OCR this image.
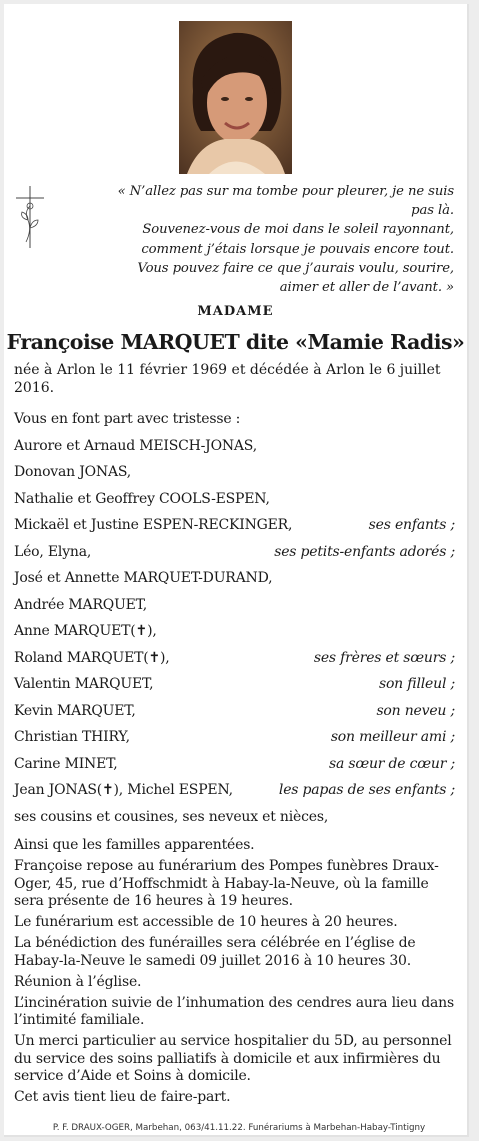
« N’allez pas sur ma tombe pour pleurer, je ne suis
pas là.
Souvenez-vous de moi dans le soleil rayonnant,
comment j’étais lorsque je pouvais encore tout.
Vous pouvez faire ce que j’aurais voulu, sourire,
aimer et aller de l’avant. »
MADAME
Françoise MARQUET dite «Mamie Radis»
née à Arlon le 11 février 1969 et décédée à Arlon le 6 juillet 2016.
Vous en font part avec tristesse :
Aurore et Arnaud MEISCH-JONAS,
Donovan JONAS,
Nathalie et Geoffrey COOLS-ESPEN,
Mickaël et Justine ESPEN-RECKINGER,	ses enfants ;
Léo, Elyna,	ses petits-enfants adorés ;
José et Annette MARQUET-DURAND,
Andrée MARQUET,
Anne MARQUET(✝),
Roland MARQUET(✝),	ses frères et sœurs ;
Valentin MARQUET,	son filleul ;
Kevin MARQUET,	son neveu ;
Christian THIRY,	son meilleur ami ;
Carine MINET,	sa sœur de cœur ;
Jean JONAS(✝), Michel ESPEN,	les papas de ses enfants ;
ses cousins et cousines, ses neveux et nièces,
Ainsi que les familles apparentées.
Françoise repose au funérarium des Pompes funèbres Draux-Oger, 45, rue d’Hoffschmidt à Habay-la-Neuve, où la famille sera présente de 16 heures à 19 heures.
Le funérarium est accessible de 10 heures à 20 heures.
La bénédiction des funérailles sera célébrée en l’église de Habay-la-Neuve le samedi 09 juillet 2016 à 10 heures 30.
Réunion à l’église.
L’incinération suivie de l’inhumation des cendres aura lieu dans l’intimité familiale.
Un merci particulier au service hospitalier du 5D, au personnel du service des soins palliatifs à domicile et aux infirmières du service d’Aide et Soins à domicile.
Cet avis tient lieu de faire-part.
P. F. DRAUX-OGER, Marbehan, 063/41.11.22. Funérariums à Marbehan-Habay-Tintigny
